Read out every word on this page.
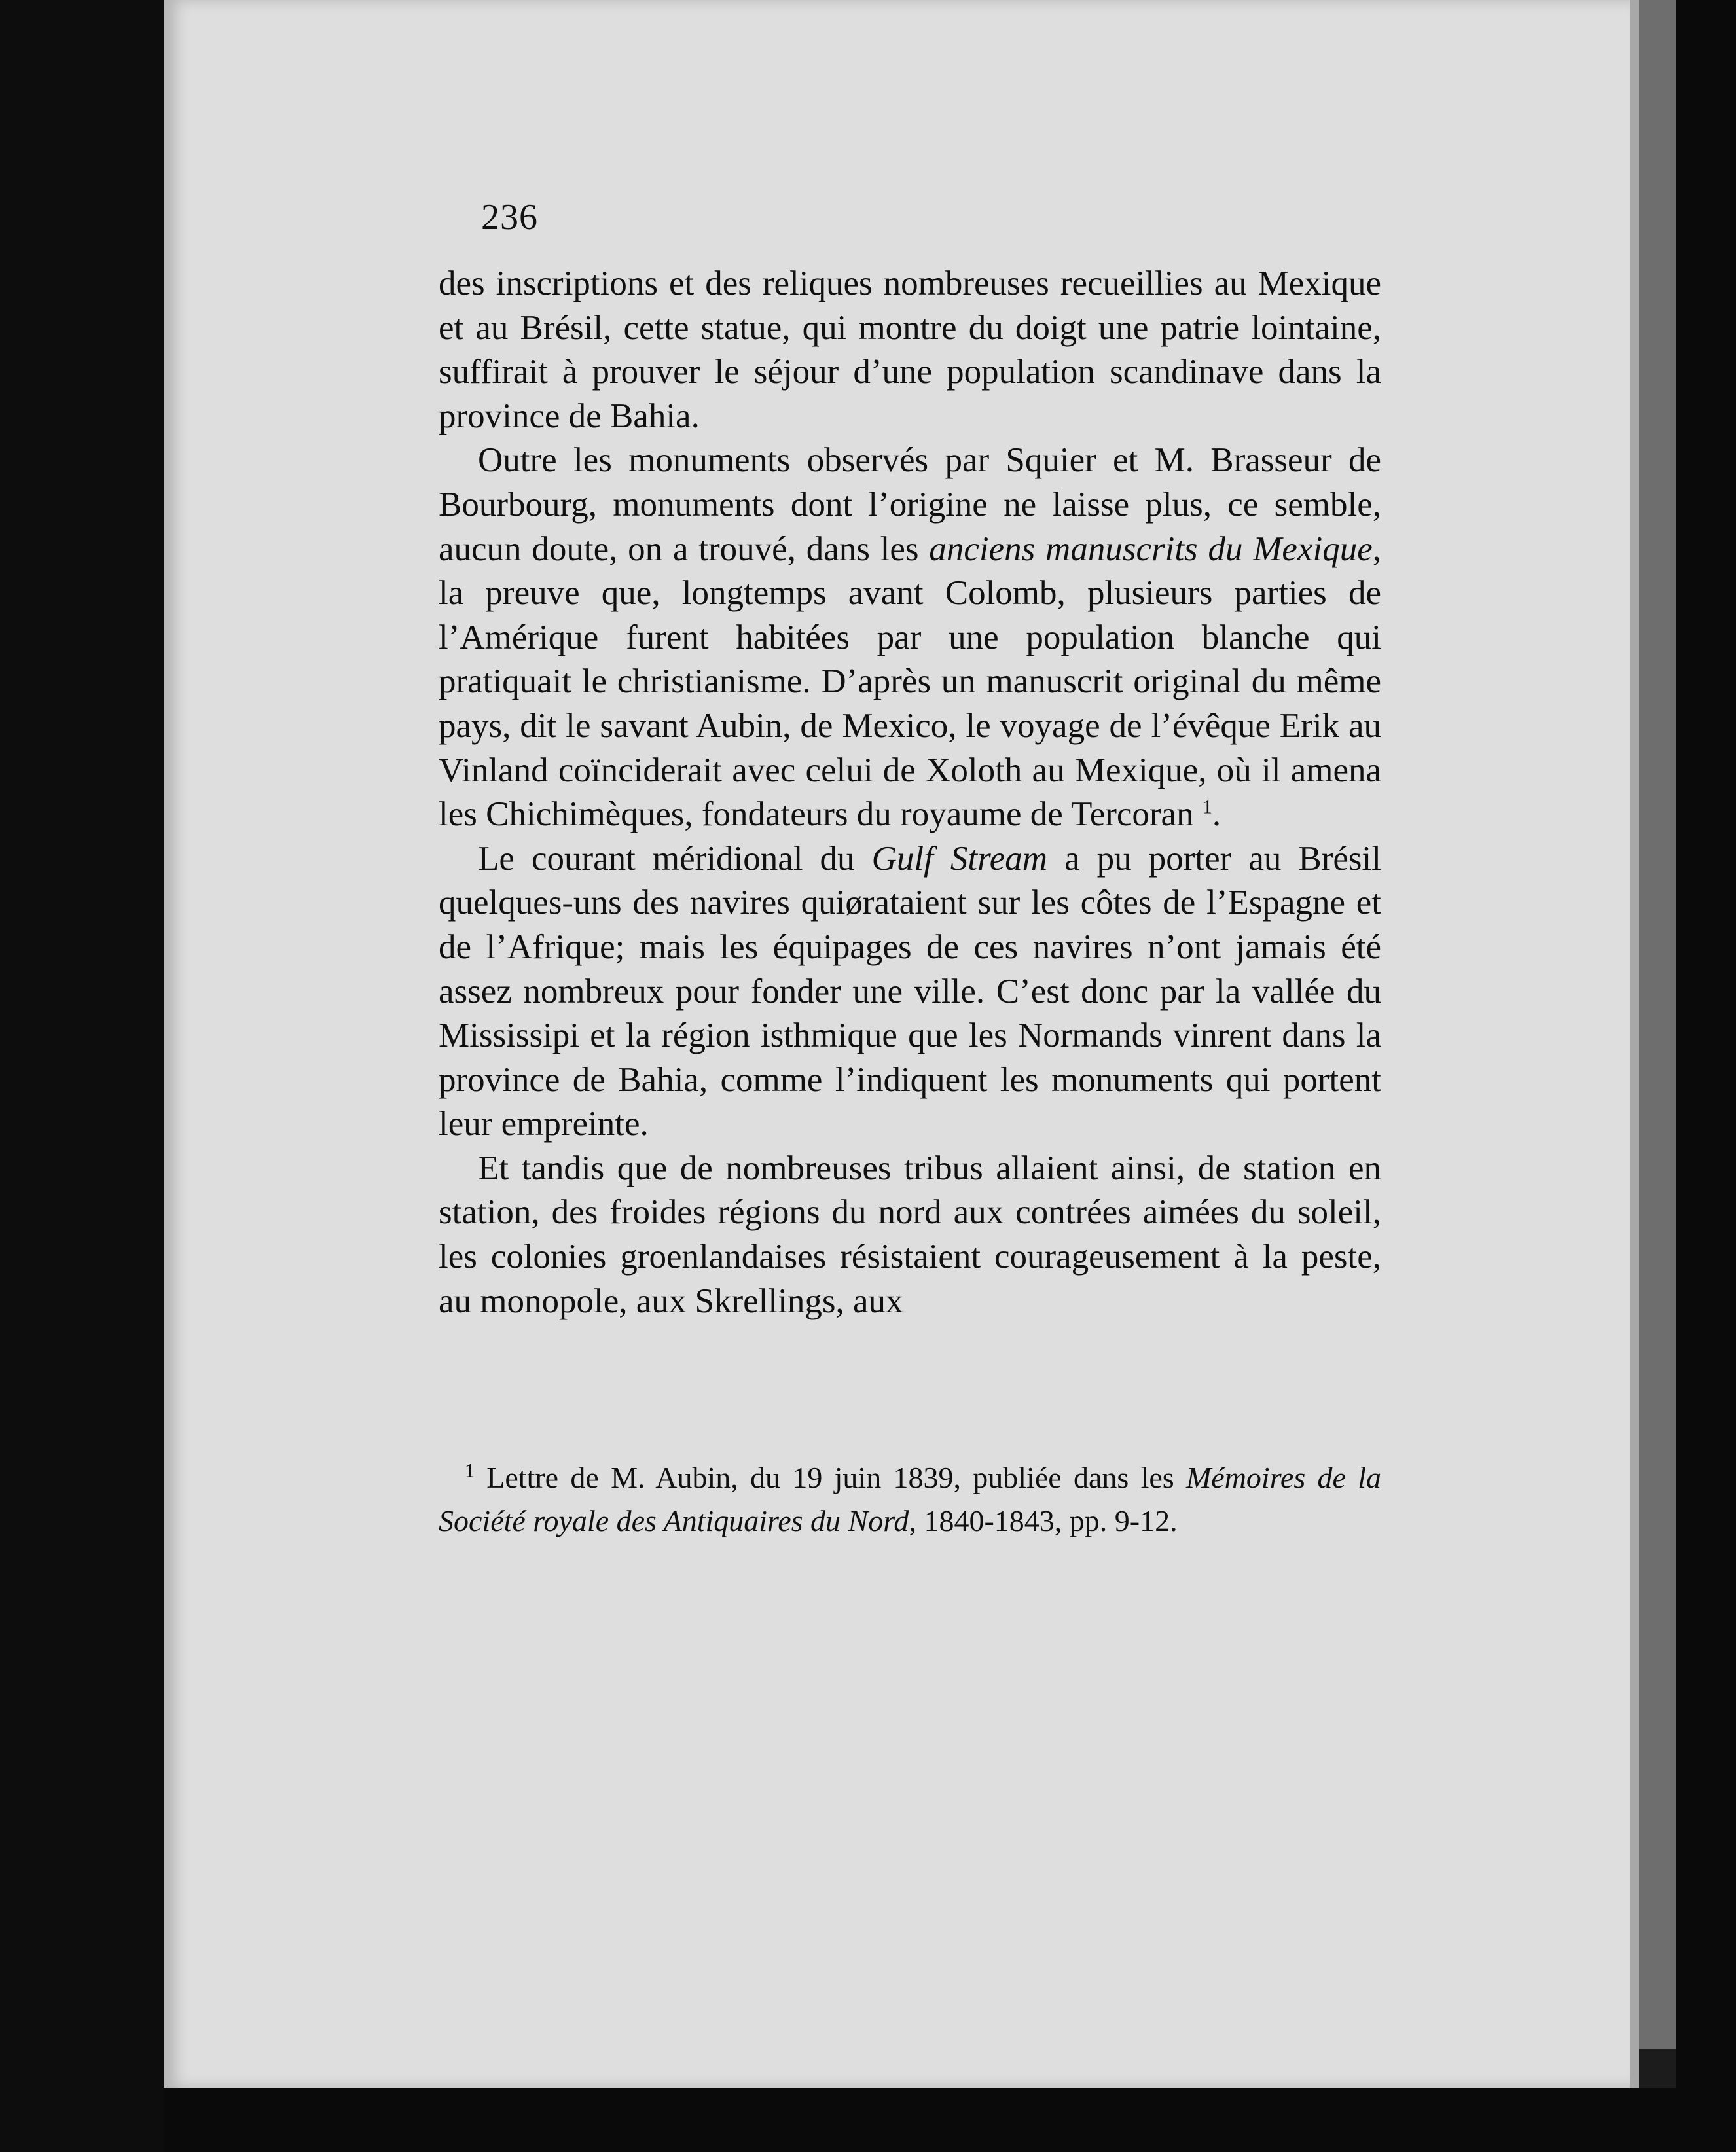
236

des inscriptions et des reliques nombreuses recueillies au Mexique et au Brésil, cette statue, qui montre du doigt une patrie lointaine, suffirait à prouver le séjour d’une population scandinave dans la province de Bahia.

Outre les monuments observés par Squier et M. Brasseur de Bourbourg, monuments dont l’origine ne laisse plus, ce semble, aucun doute, on a trouvé, dans les anciens manuscrits du Mexique, la preuve que, longtemps avant Colomb, plusieurs parties de l’Amérique furent habitées par une population blanche qui pratiquait le christianisme. D’après un manuscrit original du même pays, dit le savant Aubin, de Mexico, le voyage de l’évêque Erik au Vinland coïnciderait avec celui de Xoloth au Mexique, où il amena les Chichimèques, fondateurs du royaume de Tercoran $^1$.

Le courant méridional du Gulf Stream a pu porter au Brésil quelques-uns des navires quiørataient sur les côtes de l’Espagne et de l’Afrique; mais les équipages de ces navires n’ont jamais été assez nombreux pour fonder une ville. C’est donc par la vallée du Mississipi et la région isthmique que les Normands vinrent dans la province de Bahia, comme l’indiquent les monuments qui portent leur empreinte.

Et tandis que de nombreuses tribus allaient ainsi, de station en station, des froides régions du nord aux contrées aimées du soleil, les colonies groenlandaises résistaient courageusement à la peste, au monopole, aux Skrellings, aux

$^1$ Lettre de M. Aubin, du 19 juin 1839, publiée dans les Mémoires de la Société royale des Antiquaires du Nord, 1840-1843, pp. 9-12.
